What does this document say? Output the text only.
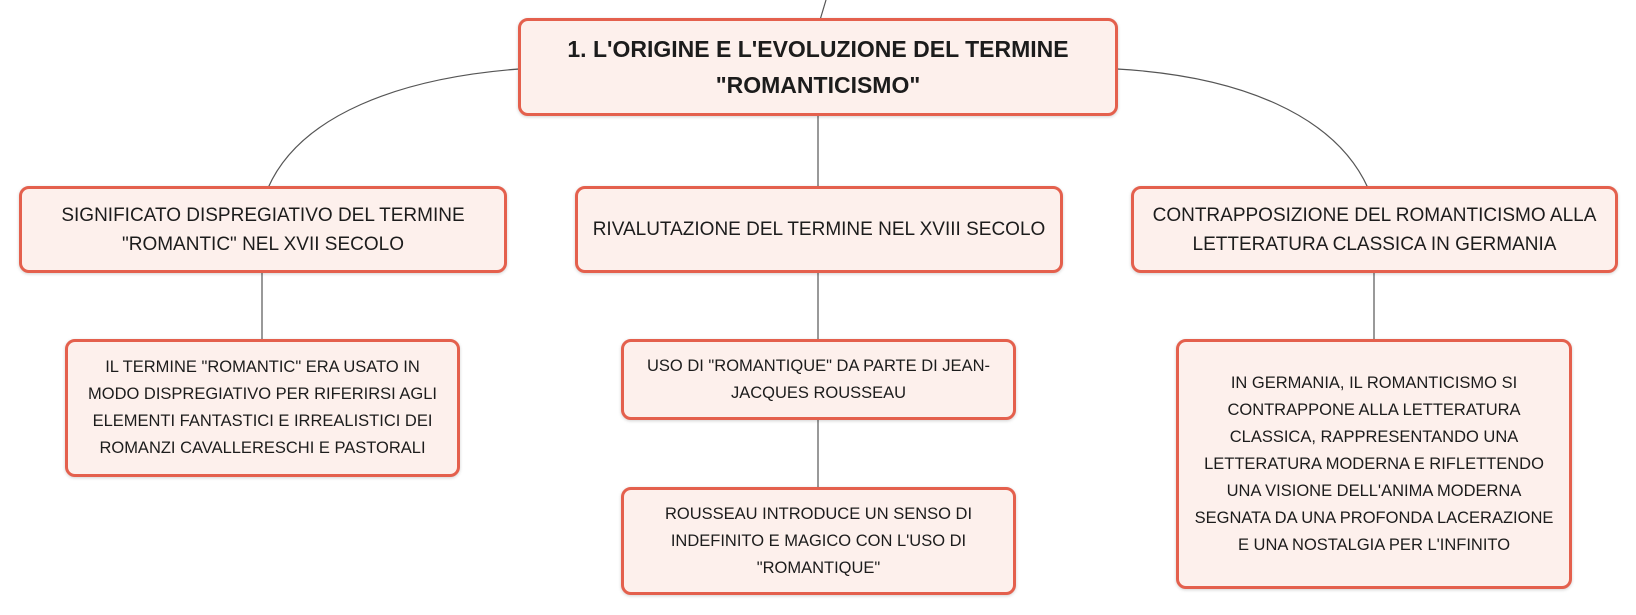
1. L'ORIGINE E L'EVOLUZIONE DEL TERMINE "ROMANTICISMO"
SIGNIFICATO DISPREGIATIVO DEL TERMINE "ROMANTIC" NEL XVII SECOLO
RIVALUTAZIONE DEL TERMINE NEL XVIII SECOLO
CONTRAPPOSIZIONE DEL ROMANTICISMO ALLA LETTERATURA CLASSICA IN GERMANIA
IL TERMINE "ROMANTIC" ERA USATO IN MODO DISPREGIATIVO PER RIFERIRSI AGLI ELEMENTI FANTASTICI E IRREALISTICI DEI ROMANZI CAVALLERESCHI E PASTORALI
USO DI "ROMANTIQUE" DA PARTE DI JEAN-JACQUES ROUSSEAU
ROUSSEAU INTRODUCE UN SENSO DI INDEFINITO E MAGICO CON L'USO DI "ROMANTIQUE"
IN GERMANIA, IL ROMANTICISMO SI CONTRAPPONE ALLA LETTERATURA CLASSICA, RAPPRESENTANDO UNA LETTERATURA MODERNA E RIFLETTENDO UNA VISIONE DELL'ANIMA MODERNA SEGNATA DA UNA PROFONDA LACERAZIONE E UNA NOSTALGIA PER L'INFINITO
